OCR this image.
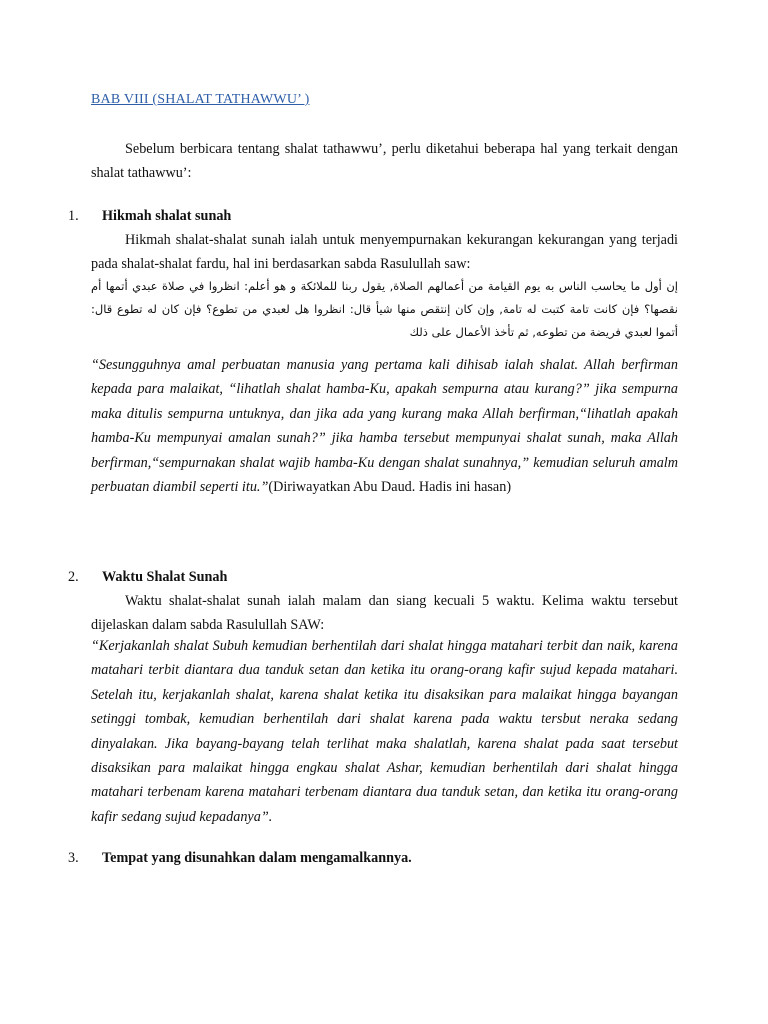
BAB VIII (SHALAT TATHAWWU’ )
Sebelum berbicara tentang shalat tathawwu’, perlu diketahui beberapa hal yang terkait dengan shalat tathawwu’:
1. Hikmah shalat sunah
Hikmah shalat-shalat sunah ialah untuk menyempurnakan kekurangan kekurangan yang terjadi pada shalat-shalat fardu, hal ini berdasarkan sabda Rasulullah saw:
إن أول ما يحاسب الناس به يوم القيامة من أعمالهم الصلاة, يقول ربنا للملائكة و هو أعلم: انظروا في صلاة عبدي أتمها أم نقصها؟ فإن كانت تامة كتبت له تامة, وإن كان إنتقص منها شيأ قال: انظروا هل لعبدي من تطوع؟ فإن كان له تطوع قال: أتموا لعبدي فريضة من تطوعه, ثم تأخذ الأعمال على ذلك
“Sesungguhnya amal perbuatan manusia yang pertama kali dihisab ialah shalat. Allah berfirman kepada para malaikat, “lihatlah shalat hamba-Ku, apakah sempurna atau kurang?” jika sempurna maka ditulis sempurna untuknya, dan jika ada yang kurang maka Allah berfirman,“lihatlah apakah hamba-Ku mempunyai amalan sunah?” jika hamba tersebut mempunyai shalat sunah, maka Allah berfirman,“sempurnakan shalat wajib hamba-Ku dengan shalat sunahnya,” kemudian seluruh amalm perbuatan diambil seperti itu.”(Diriwayatkan Abu Daud. Hadis ini hasan)
2. Waktu Shalat Sunah
Waktu shalat-shalat sunah ialah malam dan siang kecuali 5 waktu. Kelima waktu tersebut dijelaskan dalam sabda Rasulullah SAW:
“Kerjakanlah shalat Subuh kemudian berhentilah dari shalat hingga matahari terbit dan naik, karena matahari terbit diantara dua tanduk setan dan ketika itu orang-orang kafir sujud kepada matahari. Setelah itu, kerjakanlah shalat, karena shalat ketika itu disaksikan para malaikat hingga bayangan setinggi tombak, kemudian berhentilah dari shalat karena pada waktu tersbut neraka sedang dinyalakan. Jika bayang-bayang telah terlihat maka shalatlah, karena shalat pada saat tersebut disaksikan para malaikat hingga engkau shalat Ashar, kemudian berhentilah dari shalat hingga matahari terbenam karena matahari terbenam diantara dua tanduk setan, dan ketika itu orang-orang kafir sedang sujud kepadanya”.
3. Tempat yang disunahkan dalam mengamalkannya.
